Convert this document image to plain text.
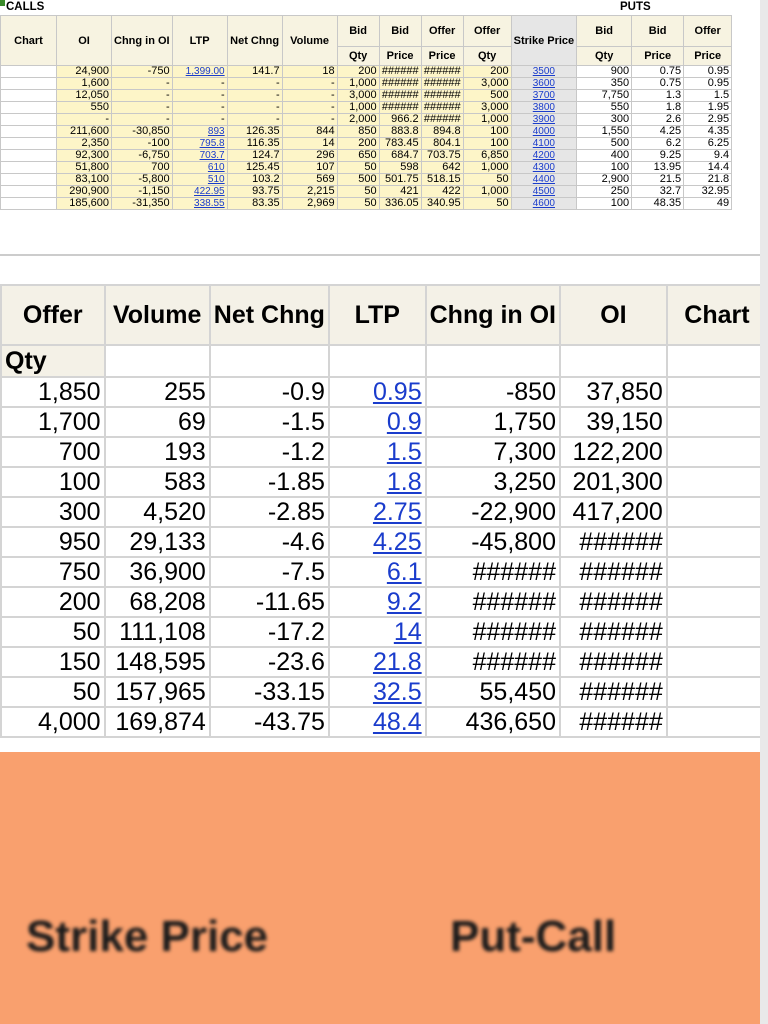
CALLS	PUTS
Chart	OI	Chng in OI	LTP	Net Chng	Volume	Bid	Bid	Offer	Offer	Strike Price	Bid	Bid	Offer
						Qty	Price	Price	Qty		Qty	Price	Price
	24,900	-750	1,399.00	141.7	18	200	######	######	200	3500	900	0.75	0.95
	1,600	-	-	-	-	1,000	######	######	3,000	3600	350	0.75	0.95
	12,050	-	-	-	-	3,000	######	######	500	3700	7,750	1.3	1.5
	550	-	-	-	-	1,000	######	######	3,000	3800	550	1.8	1.95
	-	-	-	-	-	2,000	966.2	######	1,000	3900	300	2.6	2.95
	211,600	-30,850	893	126.35	844	850	883.8	894.8	100	4000	1,550	4.25	4.35
	2,350	-100	795.8	116.35	14	200	783.45	804.1	100	4100	500	6.2	6.25
	92,300	-6,750	703.7	124.7	296	650	684.7	703.75	6,850	4200	400	9.25	9.4
	51,800	700	610	125.45	107	50	598	642	1,000	4300	100	13.95	14.4
	83,100	-5,800	510	103.2	569	500	501.75	518.15	50	4400	2,900	21.5	21.8
	290,900	-1,150	422.95	93.75	2,215	50	421	422	1,000	4500	250	32.7	32.95
	185,600	-31,350	338.55	83.35	2,969	50	336.05	340.95	50	4600	100	48.35	49
Offer	Volume	Net Chng	LTP	Chng in OI	OI	Chart
Qty						
1,850	255	-0.9	0.95	-850	37,850	
1,700	69	-1.5	0.9	1,750	39,150	
700	193	-1.2	1.5	7,300	122,200	
100	583	-1.85	1.8	3,250	201,300	
300	4,520	-2.85	2.75	-22,900	417,200	
950	29,133	-4.6	4.25	-45,800	######	
750	36,900	-7.5	6.1	######	######	
200	68,208	-11.65	9.2	######	######	
50	111,108	-17.2	14	######	######	
150	148,595	-23.6	21.8	######	######	
50	157,965	-33.15	32.5	55,450	######	
4,000	169,874	-43.75	48.4	436,650	######	
Strike Price	Put-Call
